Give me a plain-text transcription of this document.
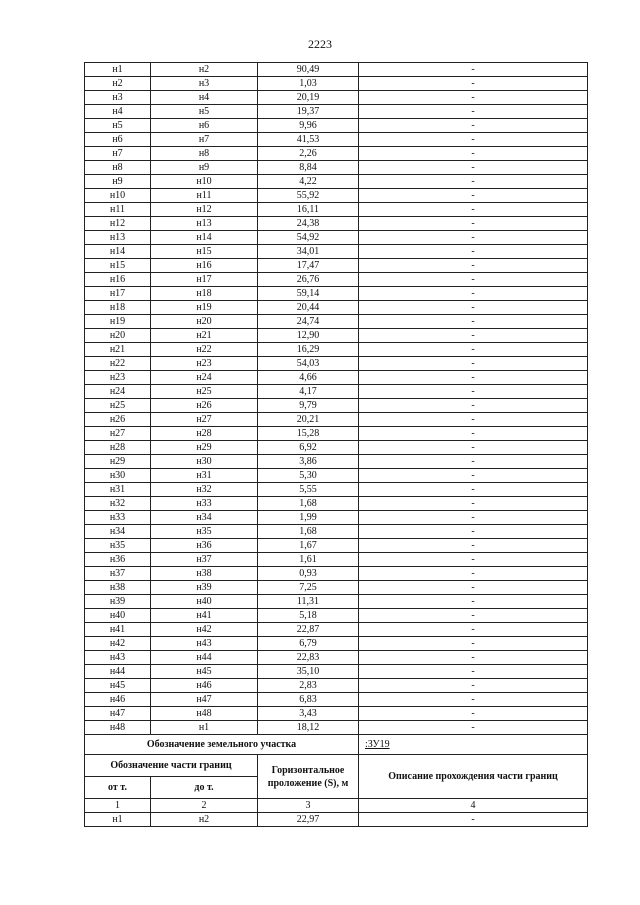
2223
н1	н2	90,49	-
н2	н3	1,03	-
н3	н4	20,19	-
н4	н5	19,37	-
н5	н6	9,96	-
н6	н7	41,53	-
н7	н8	2,26	-
н8	н9	8,84	-
н9	н10	4,22	-
н10	н11	55,92	-
н11	н12	16,11	-
н12	н13	24,38	-
н13	н14	54,92	-
н14	н15	34,01	-
н15	н16	17,47	-
н16	н17	26,76	-
н17	н18	59,14	-
н18	н19	20,44	-
н19	н20	24,74	-
н20	н21	12,90	-
н21	н22	16,29	-
н22	н23	54,03	-
н23	н24	4,66	-
н24	н25	4,17	-
н25	н26	9,79	-
н26	н27	20,21	-
н27	н28	15,28	-
н28	н29	6,92	-
н29	н30	3,86	-
н30	н31	5,30	-
н31	н32	5,55	-
н32	н33	1,68	-
н33	н34	1,99	-
н34	н35	1,68	-
н35	н36	1,67	-
н36	н37	1,61	-
н37	н38	0,93	-
н38	н39	7,25	-
н39	н40	11,31	-
н40	н41	5,18	-
н41	н42	22,87	-
н42	н43	6,79	-
н43	н44	22,83	-
н44	н45	35,10	-
н45	н46	2,83	-
н46	н47	6,83	-
н47	н48	3,43	-
н48	н1	18,12	-
Обозначение земельного участка			:ЗУ19
Обозначение части границ		Горизонтальное проложение (S), м	Описание прохождения части границ
от т.	до т.		
1	2	3	4
н1	н2	22,97	-
